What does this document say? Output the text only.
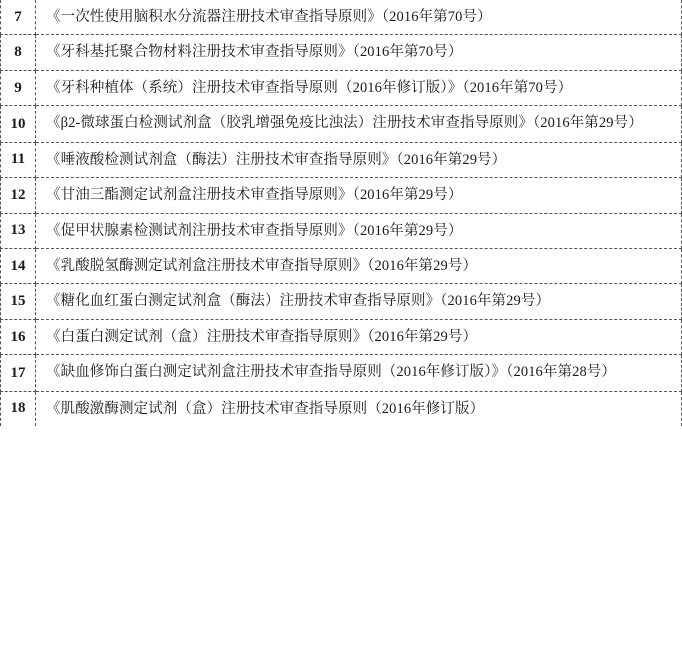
7	《一次性使用脑积水分流器注册技术审查指导原则》（2016年第70号）
8	《牙科基托聚合物材料注册技术审查指导原则》（2016年第70号）
9	《牙科种植体（系统）注册技术审查指导原则（2016年修订版）》（2016年第70号）
10	《β2-微球蛋白检测试剂盒（胶乳增强免疫比浊法）注册技术审查指导原则》（2016年第29号）
11	《唾液酸检测试剂盒（酶法）注册技术审查指导原则》（2016年第29号）
12	《甘油三酯测定试剂盒注册技术审查指导原则》（2016年第29号）
13	《促甲状腺素检测试剂注册技术审查指导原则》（2016年第29号）
14	《乳酸脱氢酶测定试剂盒注册技术审查指导原则》（2016年第29号）
15	《糖化血红蛋白测定试剂盒（酶法）注册技术审查指导原则》（2016年第29号）
16	《白蛋白测定试剂（盒）注册技术审查指导原则》（2016年第29号）
17	《缺血修饰白蛋白测定试剂盒注册技术审查指导原则（2016年修订版）》（2016年第28号）
18	《肌酸激酶测定试剂（盒）注册技术审查指导原则（2016年修订版）
